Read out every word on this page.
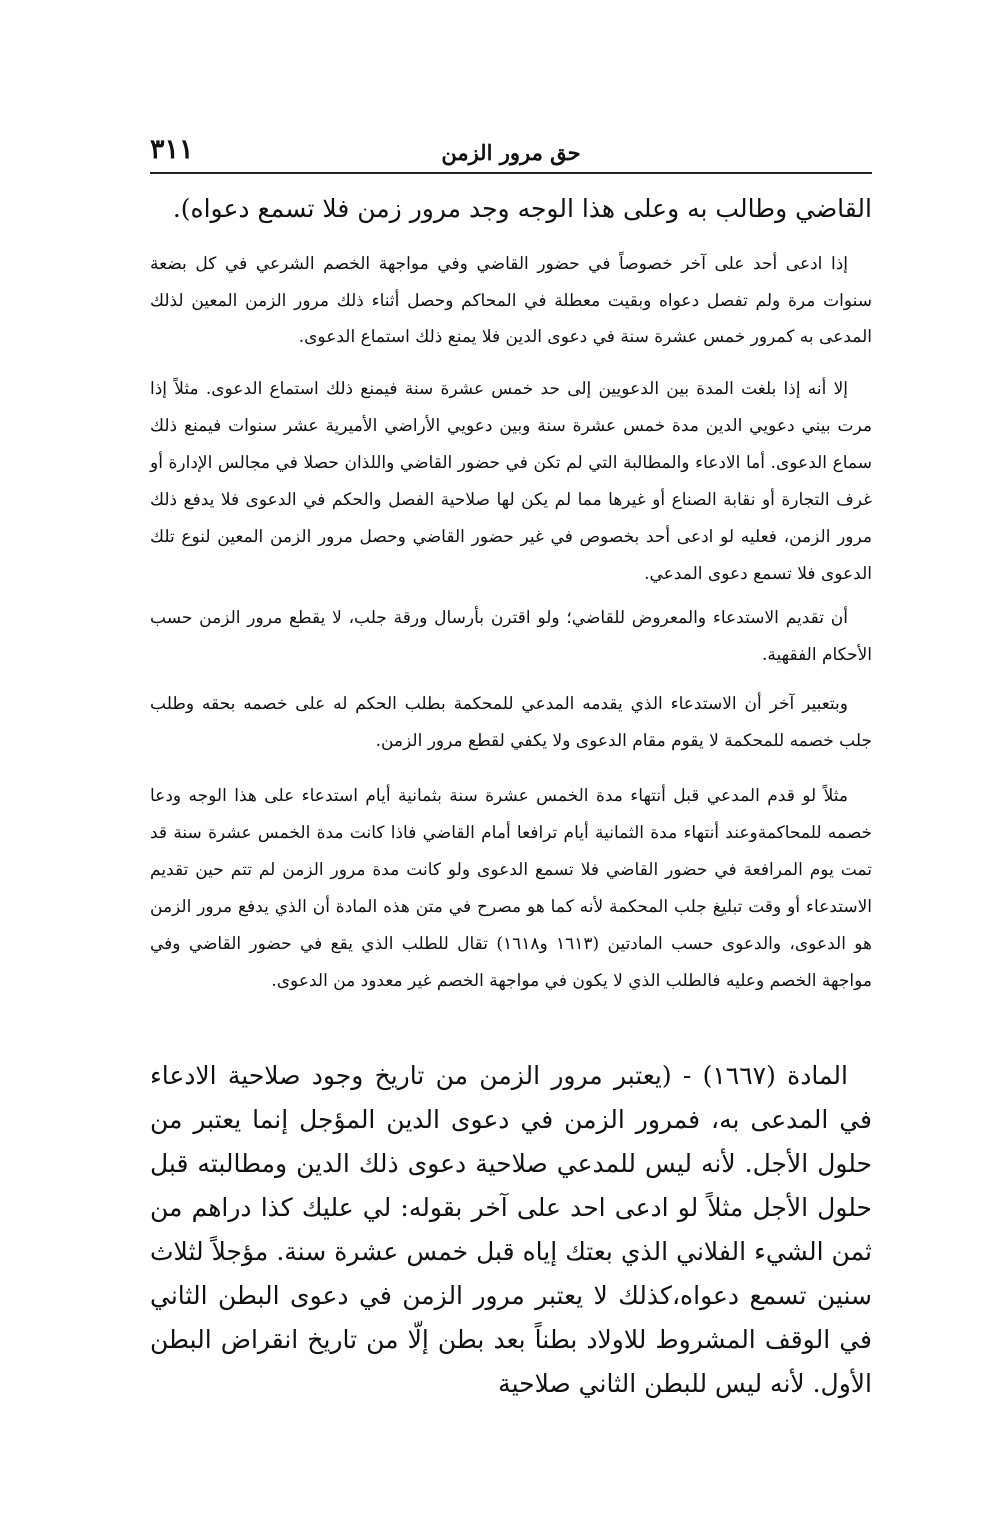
حق مرور الزمن
٣١١

القاضي وطالب به وعلى هذا الوجه وجد مرور زمن فلا تسمع دعواه).

إذا ادعى أحد على آخر خصوصاً في حضور القاضي وفي مواجهة الخصم الشرعي في كل بضعة سنوات مرة ولم تفصل دعواه وبقيت معطلة في المحاكم وحصل أثناء ذلك مرور الزمن المعين لذلك المدعى به كمرور خمس عشرة سنة في دعوى الدين فلا يمنع ذلك استماع الدعوى.

إلا أنه إذا بلغت المدة بين الدعويين إلى حد خمس عشرة سنة فيمنع ذلك استماع الدعوى. مثلاً إذا مرت بيني دعويي الدين مدة خمس عشرة سنة وبين دعويي الأراضي الأميرية عشر سنوات فيمنع ذلك سماع الدعوى. أما الادعاء والمطالبة التي لم تكن في حضور القاضي واللذان حصلا في مجالس الإدارة أو غرف التجارة أو نقابة الصناع أو غيرها مما لم يكن لها صلاحية الفصل والحكم في الدعوى فلا يدفع ذلك مرور الزمن، فعليه لو ادعى أحد بخصوص في غير حضور القاضي وحصل مرور الزمن المعين لنوع تلك الدعوى فلا تسمع دعوى المدعي.

أن تقديم الاستدعاء والمعروض للقاضي؛ ولو اقترن بأرسال ورقة جلب، لا يقطع مرور الزمن حسب الأحكام الفقهية.

وبتعبير آخر أن الاستدعاء الذي يقدمه المدعي للمحكمة بطلب الحكم له على خصمه بحقه وطلب جلب خصمه للمحكمة لا يقوم مقام الدعوى ولا يكفي لقطع مرور الزمن.

مثلاً لو قدم المدعي قبل أنتهاء مدة الخمس عشرة سنة بثمانية أيام استدعاء على هذا الوجه ودعا خصمه للمحاكمةوعند أنتهاء مدة الثمانية أيام ترافعا أمام القاضي فاذا كانت مدة الخمس عشرة سنة قد تمت يوم المرافعة في حضور القاضي فلا تسمع الدعوى ولو كانت مدة مرور الزمن لم تتم حين تقديم الاستدعاء أو وقت تبليغ جلب المحكمة لأنه كما هو مصرح في متن هذه المادة أن الذي يدفع مرور الزمن هو الدعوى، والدعوى حسب المادتين (١٦١٣ و١٦١٨) تقال للطلب الذي يقع في حضور القاضي وفي مواجهة الخصم وعليه فالطلب الذي لا يكون في مواجهة الخصم غير معدود من الدعوى.

المادة (١٦٦٧) - (يعتبر مرور الزمن من تاريخ وجود صلاحية الادعاء في المدعى به، فمرور الزمن في دعوى الدين المؤجل إنما يعتبر من حلول الأجل. لأنه ليس للمدعي صلاحية دعوى ذلك الدين ومطالبته قبل حلول الأجل مثلاً لو ادعى احد على آخر بقوله: لي عليك كذا دراهم من ثمن الشيء الفلاني الذي بعتك إياه قبل خمس عشرة سنة. مؤجلاً لثلاث سنين تسمع دعواه،كذلك لا يعتبر مرور الزمن في دعوى البطن الثاني في الوقف المشروط للاولاد بطناً بعد بطن إلّا من تاريخ انقراض البطن الأول. لأنه ليس للبطن الثاني صلاحية
